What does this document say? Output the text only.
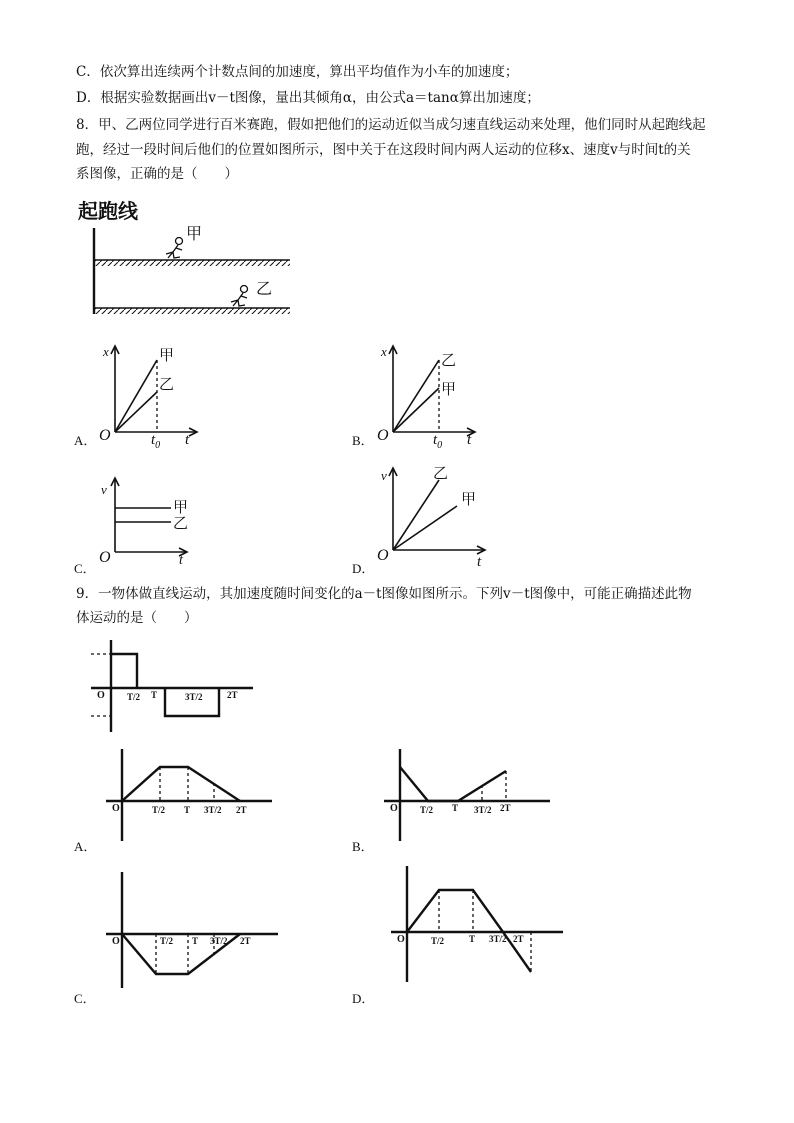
C．依次算出连续两个计数点间的加速度，算出平均值作为小车的加速度；
D．根据实验数据画出v－t图像，量出其倾角α，由公式a＝tanα算出加速度；
8．甲、乙两位同学进行百米赛跑，假如把他们的运动近似当成匀速直线运动来处理，他们同时从起跑线起
跑，经过一段时间后他们的位置如图所示，图中关于在这段时间内两人运动的位移x、速度v与时间t的关
系图像，正确的是（　　）
起跑线
甲
乙
A．
x
O	t
$t_0$
甲
乙
B．
x
O	t
$t_0$
乙
甲
C．
v
O	t
甲
乙
D．
v
O	t
乙
甲
9．一物体做直线运动，其加速度随时间变化的a－t图像如图所示。下列v－t图像中，可能正确描述此物
体运动的是（　　）
O T/2 T	3T/2	2T
A．
O	T/2 T 3T/2 2T
B．
O T/2 T 3T/2 2T
C．
O	T/2 T 3T/2 2T
D．
O	T/2	T 3T/2 2T
